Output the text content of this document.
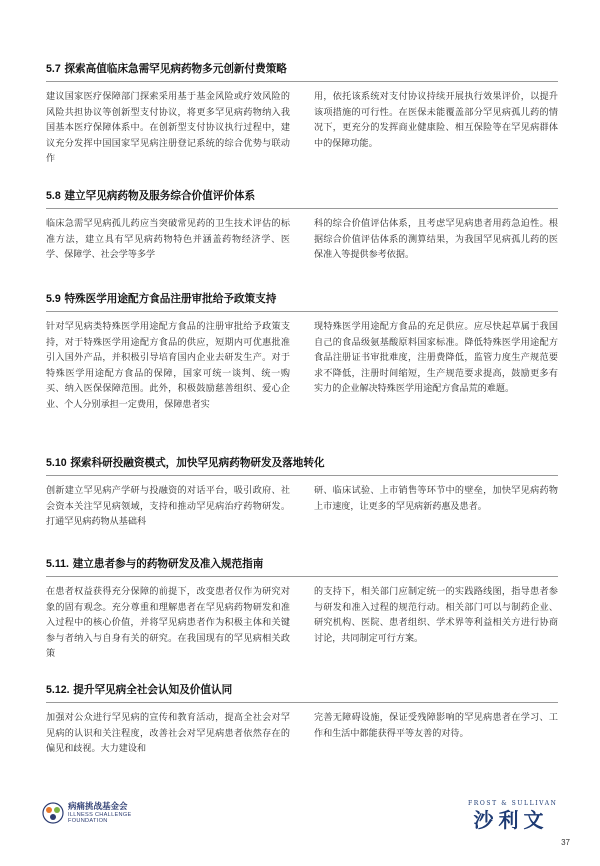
5.7 探索高值临床急需罕见病药物多元创新付费策略

建议国家医疗保障部门探索采用基于基金风险或疗效风险的风险共担协议等创新型支付协议，将更多罕见病药物纳入我国基本医疗保障体系中。在创新型支付协议执行过程中，建议充分发挥中国国家罕见病注册登记系统的综合优势与联动作

用，依托该系统对支付协议持续开展执行效果评价，以提升该项措施的可行性。在医保未能覆盖部分罕见病孤儿药的情况下，更充分的发挥商业健康险、相互保险等在罕见病群体中的保障功能。

5.8 建立罕见病药物及服务综合价值评价体系

临床急需罕见病孤儿药应当突破常见药的卫生技术评估的标准方法，建立具有罕见病药物特色并涵盖药物经济学、医学、保障学、社会学等多学

科的综合价值评估体系，且考虑罕见病患者用药急迫性。根据综合价值评估体系的测算结果，为我国罕见病孤儿药的医保准入等提供参考依据。

5.9 特殊医学用途配方食品注册审批给予政策支持

针对罕见病类特殊医学用途配方食品的注册审批给予政策支持，对于特殊医学用途配方食品的供应，短期内可优惠批准引入国外产品，并积极引导培育国内企业去研发生产。对于特殊医学用途配方食品的保障，国家可统一谈判、统一购买、纳入医保保障范围。此外，积极鼓励慈善组织、爱心企业、个人分别承担一定费用，保障患者实

现特殊医学用途配方食品的充足供应。应尽快起草属于我国自己的食品级氨基酸原料国家标准。降低特殊医学用途配方食品注册证书审批难度，注册费降低，监管力度生产规范要求不降低，注册时间缩短，生产规范要求提高，鼓励更多有实力的企业解决特殊医学用途配方食品荒的难题。

5.10 探索科研投融资模式，加快罕见病药物研发及落地转化

创新建立罕见病产学研与投融资的对话平台，吸引政府、社会资本关注罕见病领域，支持和推动罕见病治疗药物研发。打通罕见病药物从基础科

研、临床试验、上市销售等环节中的壁垒，加快罕见病药物上市速度，让更多的罕见病新药惠及患者。

5.11. 建立患者参与的药物研发及准入规范指南

在患者权益获得充分保障的前提下，改变患者仅作为研究对象的固有观念。充分尊重和理解患者在罕见病药物研发和准入过程中的核心价值，并将罕见病患者作为积极主体和关键参与者纳入与自身有关的研究。在我国现有的罕见病相关政策

的支持下，相关部门应制定统一的实践路线图，指导患者参与研发和准入过程的规范行动。相关部门可以与制药企业、研究机构、医院、患者组织、学术界等利益相关方进行协商讨论，共同制定可行方案。

5.12. 提升罕见病全社会认知及价值认同

加强对公众进行罕见病的宣传和教育活动，提高全社会对罕见病的认识和关注程度，改善社会对罕见病患者依然存在的偏见和歧视。大力建设和

完善无障碍设施，保证受残障影响的罕见病患者在学习、工作和生活中都能获得平等友善的对待。

病痛挑战基金会
ILLNESS CHALLENGE
FOUNDATION
FROST & SULLIVAN
沙利文
37
